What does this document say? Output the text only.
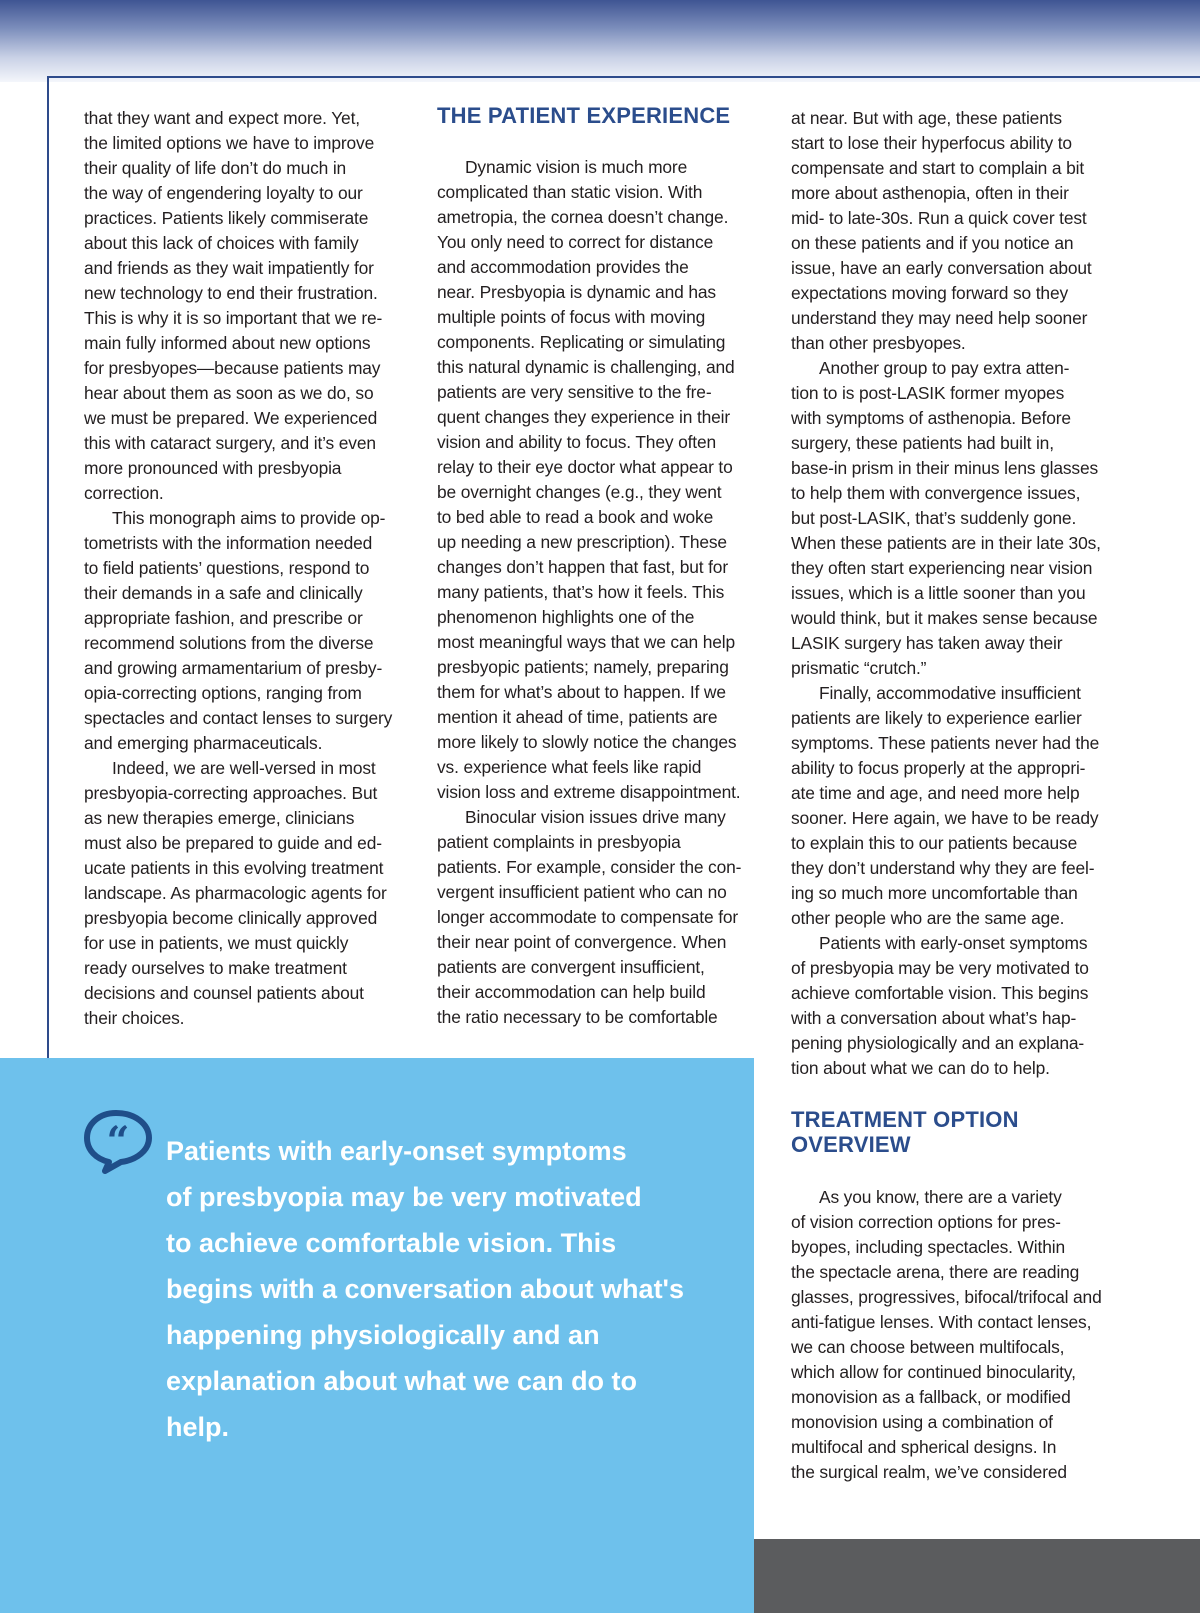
that they want and expect more. Yet,

the limited options we have to improve

their quality of life don’t do much in

the way of engendering loyalty to our

practices. Patients likely commiserate

about this lack of choices with family

and friends as they wait impatiently for

new technology to end their frustration.

This is why it is so important that we re-

main fully informed about new options

for presbyopes—because patients may

hear about them as soon as we do, so

we must be prepared. We experienced

this with cataract surgery, and it’s even

more pronounced with presbyopia

correction.

This monograph aims to provide op-

tometrists with the information needed

to field patients’ questions, respond to

their demands in a safe and clinically

appropriate fashion, and prescribe or

recommend solutions from the diverse

and growing armamentarium of presby-

opia-correcting options, ranging from

spectacles and contact lenses to surgery

and emerging pharmaceuticals.

Indeed, we are well-versed in most

presbyopia-correcting approaches. But

as new therapies emerge, clinicians

must also be prepared to guide and ed-

ucate patients in this evolving treatment

landscape. As pharmacologic agents for

presbyopia become clinically approved

for use in patients, we must quickly

ready ourselves to make treatment

decisions and counsel patients about

their choices.

THE PATIENT EXPERIENCE

Dynamic vision is much more

complicated than static vision. With

ametropia, the cornea doesn’t change.

You only need to correct for distance

and accommodation provides the

near. Presbyopia is dynamic and has

multiple points of focus with moving

components. Replicating or simulating

this natural dynamic is challenging, and

patients are very sensitive to the fre-

quent changes they experience in their

vision and ability to focus. They often

relay to their eye doctor what appear to

be overnight changes (e.g., they went

to bed able to read a book and woke

up needing a new prescription). These

changes don’t happen that fast, but for

many patients, that’s how it feels. This

phenomenon highlights one of the

most meaningful ways that we can help

presbyopic patients; namely, preparing

them for what’s about to happen. If we

mention it ahead of time, patients are

more likely to slowly notice the changes

vs. experience what feels like rapid

vision loss and extreme disappointment.

Binocular vision issues drive many

patient complaints in presbyopia

patients. For example, consider the con-

vergent insufficient patient who can no

longer accommodate to compensate for

their near point of convergence. When

patients are convergent insufficient,

their accommodation can help build

the ratio necessary to be comfortable

at near. But with age, these patients

start to lose their hyperfocus ability to

compensate and start to complain a bit

more about asthenopia, often in their

mid- to late-30s. Run a quick cover test

on these patients and if you notice an

issue, have an early conversation about

expectations moving forward so they

understand they may need help sooner

than other presbyopes.

Another group to pay extra atten-

tion to is post-LASIK former myopes

with symptoms of asthenopia. Before

surgery, these patients had built in,

base-in prism in their minus lens glasses

to help them with convergence issues,

but post-LASIK, that’s suddenly gone.

When these patients are in their late 30s,

they often start experiencing near vision

issues, which is a little sooner than you

would think, but it makes sense because

LASIK surgery has taken away their

prismatic “crutch.”

Finally, accommodative insufficient

patients are likely to experience earlier

symptoms. These patients never had the

ability to focus properly at the appropri-

ate time and age, and need more help

sooner. Here again, we have to be ready

to explain this to our patients because

they don’t understand why they are feel-

ing so much more uncomfortable than

other people who are the same age.

Patients with early-onset symptoms

of presbyopia may be very motivated to

achieve comfortable vision. This begins

with a conversation about what’s hap-

pening physiologically and an explana-

tion about what we can do to help.

TREATMENT OPTION
OVERVIEW

As you know, there are a variety

of vision correction options for pres-

byopes, including spectacles. Within

the spectacle arena, there are reading

glasses, progressives, bifocal/trifocal and

anti-fatigue lenses. With contact lenses,

we can choose between multifocals,

which allow for continued binocularity,

monovision as a fallback, or modified

monovision using a combination of

multifocal and spherical designs. In

the surgical realm, we’ve considered

“ Patients with early-onset symptoms

of presbyopia may be very motivated

to achieve comfortable vision. This

begins with a conversation about what's

happening physiologically and an

explanation about what we can do to

help.
